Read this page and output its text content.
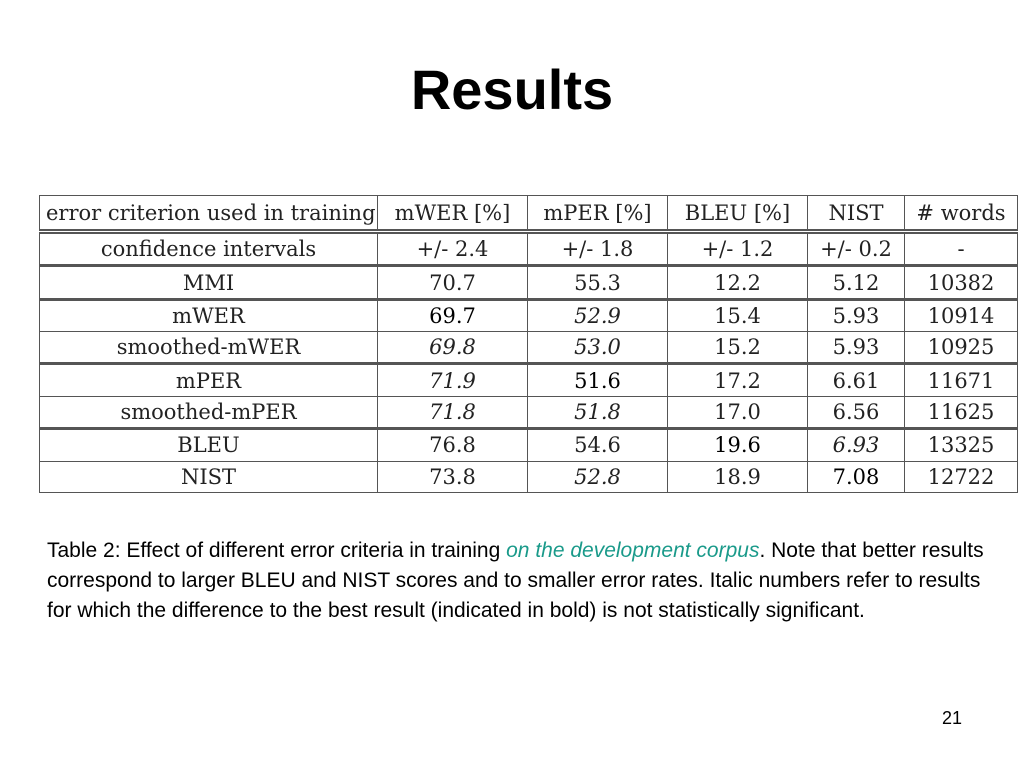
Results
error criterion used in training	mWER [%]	mPER [%]	BLEU [%]	NIST	# words
confidence intervals	+/- 2.4	+/- 1.8	+/- 1.2	+/- 0.2	-
MMI	70.7	55.3	12.2	5.12	10382
mWER	69.7	52.9	15.4	5.93	10914
smoothed-mWER	69.8	53.0	15.2	5.93	10925
mPER	71.9	51.6	17.2	6.61	11671
smoothed-mPER	71.8	51.8	17.0	6.56	11625
BLEU	76.8	54.6	19.6	6.93	13325
NIST	73.8	52.8	18.9	7.08	12722
Table 2: Effect of different error criteria in training on the development corpus. Note that better results correspond to larger BLEU and NIST scores and to smaller error rates. Italic numbers refer to results for which the difference to the best result (indicated in bold) is not statistically significant.
21
